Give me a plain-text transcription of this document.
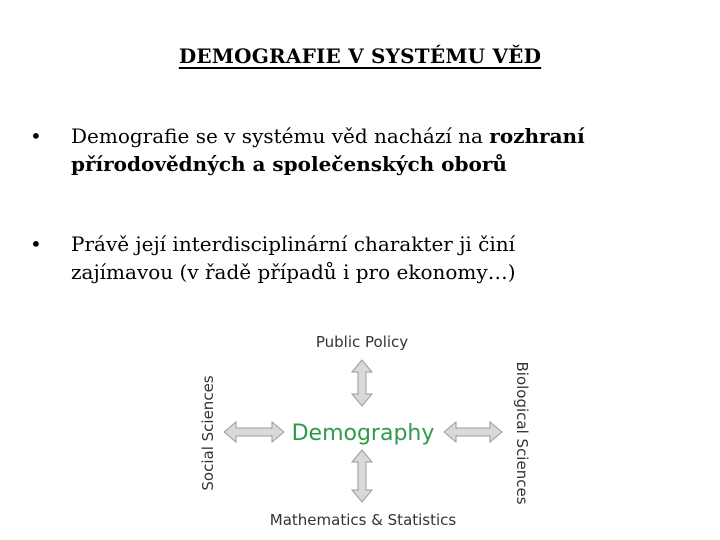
DEMOGRAFIE V SYSTÉMU VĚD
•	Demografie se v systému věd nachází na rozhraní
přírodovědných a společenských oborů
•	Právě její interdisciplinární charakter ji činí
zajímavou (v řadě případů i pro ekonomy…)
Public Policy
Mathematics & Statistics
Demography
Social Sciences	Biological Sciences
